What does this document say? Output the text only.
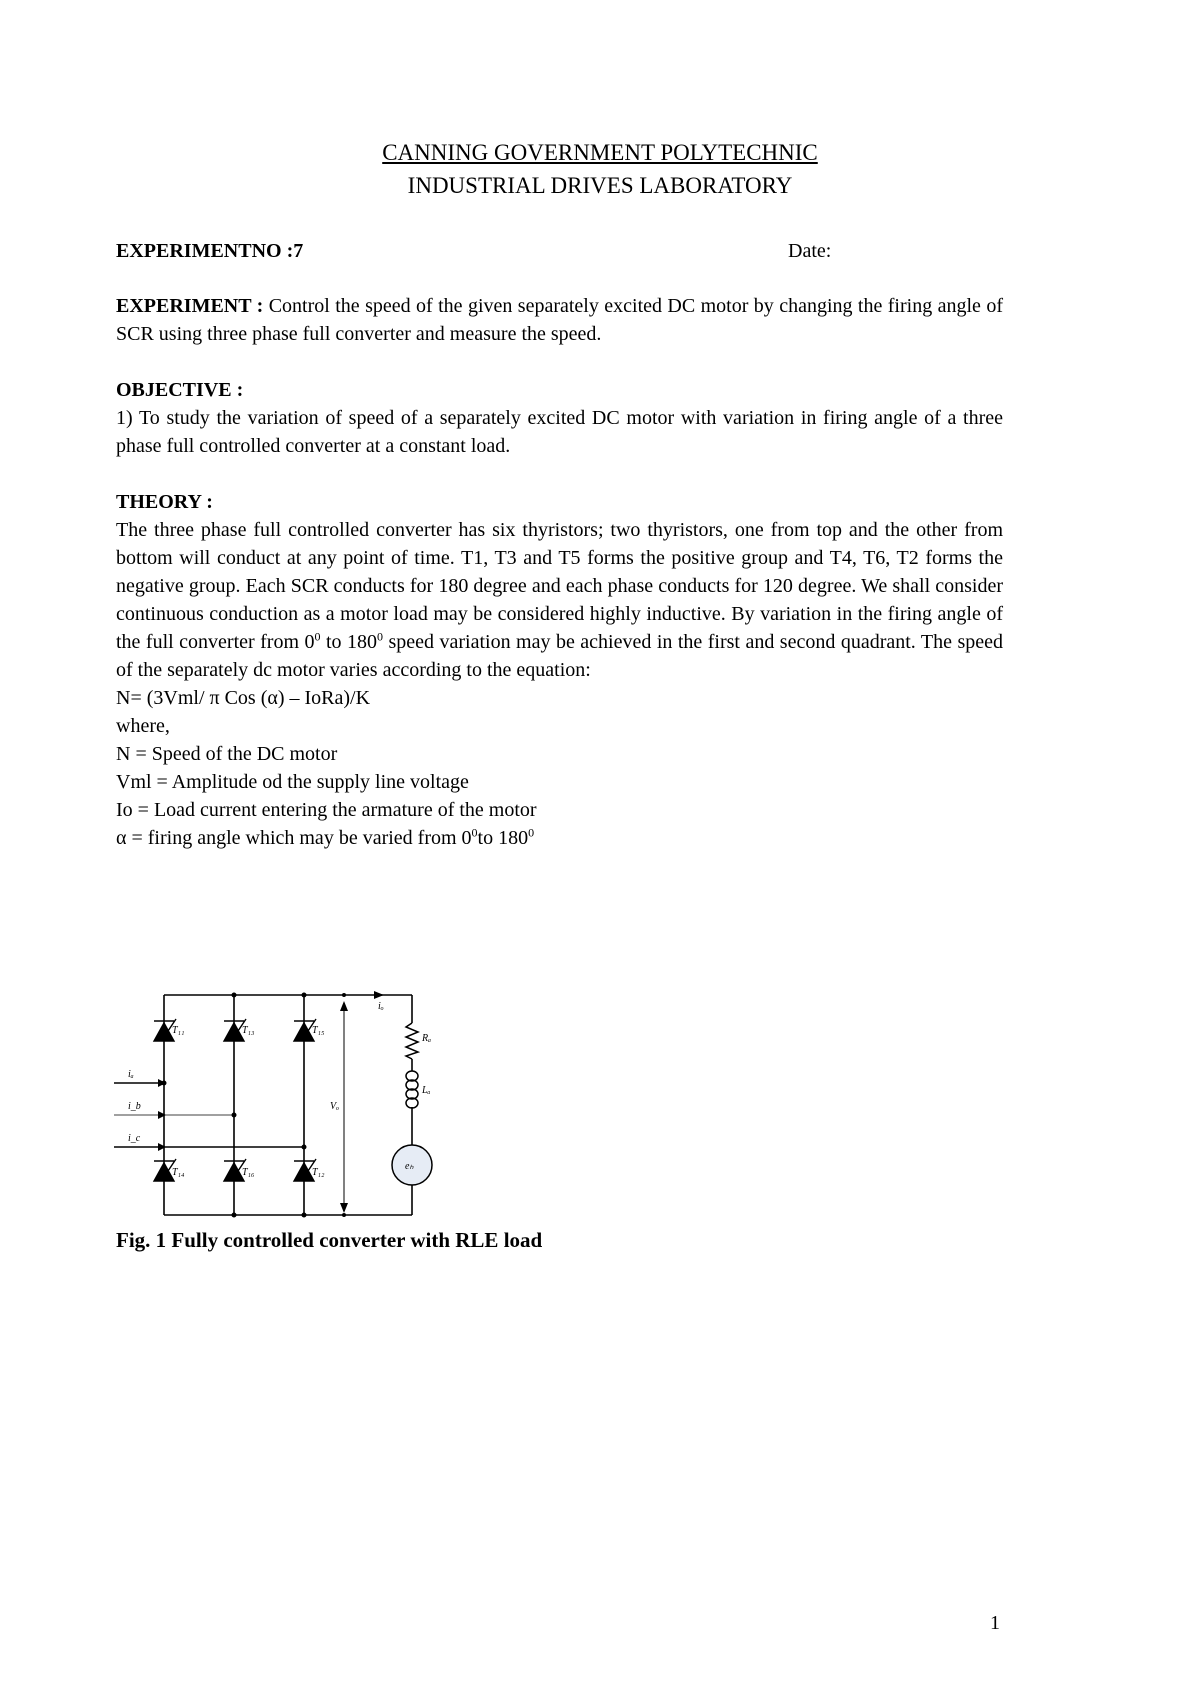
CANNING GOVERNMENT POLYTECHNIC
INDUSTRIAL DRIVES LABORATORY
EXPERIMENTNO :7	Date:
EXPERIMENT : Control the speed of the given separately excited DC motor by changing the firing angle of SCR using three phase full converter and measure the speed.
OBJECTIVE :
1) To study the variation of speed of a separately excited DC motor with variation in firing angle of a three phase full controlled converter at a constant load.
THEORY :
The three phase full controlled converter has six thyristors; two thyristors, one from top and the other from bottom will conduct at any point of time. T1, T3 and T5 forms the positive group and T4, T6, T2 forms the negative group. Each SCR conducts for 180 degree and each phase conducts for 120 degree. We shall consider continuous conduction as a motor load may be considered highly inductive. By variation in the firing angle of the full converter from $0^0$ to $180^0$ speed variation may be achieved in the first and second quadrant. The speed of the separately dc motor varies according to the equation:
N= (3Vml/ π Cos (α) – IoRa)/K
where,
N = Speed of the DC motor
Vml = Amplitude od the supply line voltage
Io = Load current entering the armature of the motor
α = firing angle which may be varied from $0^0to$ $180^0$
T₁₁	T₁₃	T₁₅
T₁₄	T₁₆	T₁₂
iₐ
i_b
i_c
iₒ
Rₐ
Lₐ
Vₒ
eₕ
Fig. 1 Fully controlled converter with RLE load
1
